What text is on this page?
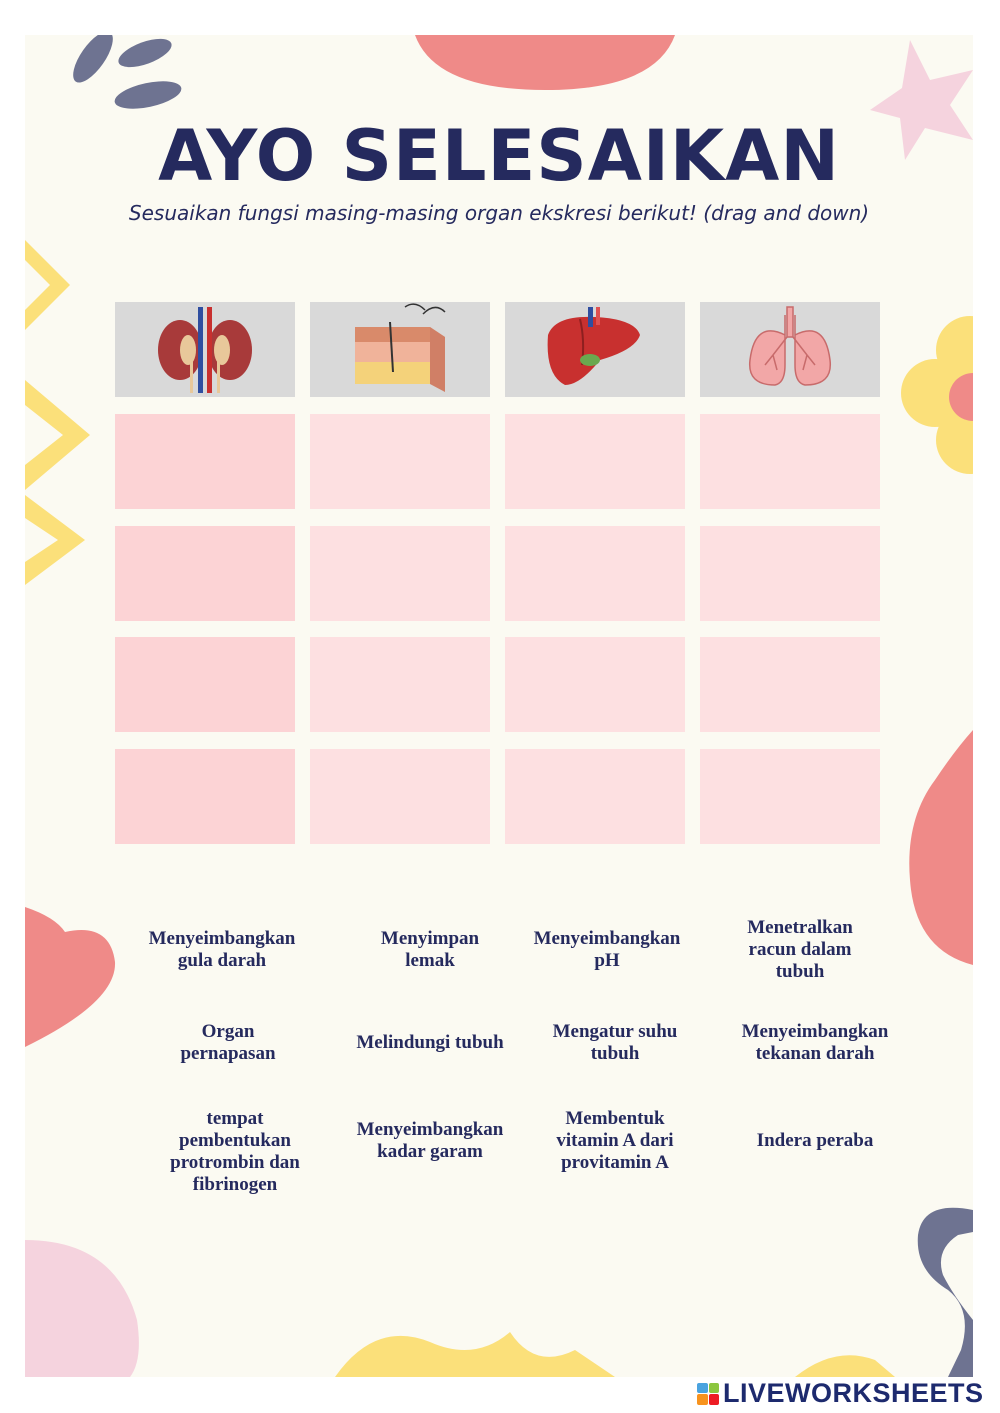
AYO SELESAIKAN
Sesuaikan fungsi masing-masing organ ekskresi berikut! (drag and down)
Menyeimbangkan gula darah
Menyimpan lemak
Menyeimbangkan pH
Menetralkan racun dalam tubuh
Organ pernapasan
Melindungi tubuh
Mengatur suhu tubuh
Menyeimbangkan tekanan darah
tempat pembentukan protrombin dan fibrinogen
Menyeimbangkan kadar garam
Membentuk vitamin A dari provitamin A
Indera peraba
LIVEWORKSHEETS
